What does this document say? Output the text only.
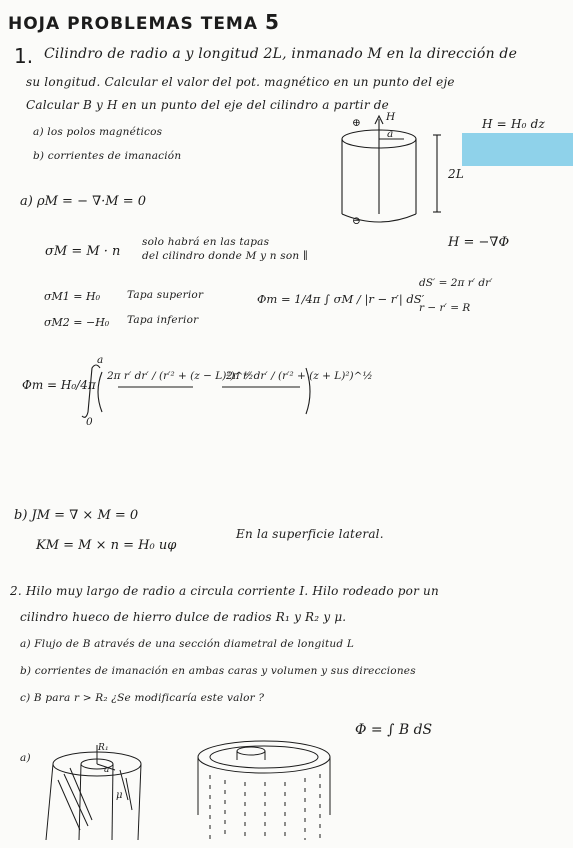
HOJA PROBLEMAS TEMA 5
1. Cilindro de radio a y longitud 2L, inmanado M en la dirección de
su longitud. Calcular el valor del pot. magnético en un punto del eje
Calcular B y H en un punto del eje del cilindro a partir de
a) los polos magnéticos
b) corrientes de imanación
H = H₀ dz
⊕
⊖
H
a
2L
a) ρM = − ∇·M = 0
σM = M · n
solo habrá en las tapas
del cilindro donde M y n son ∥
H = −∇Φ
σM1 = H₀	Tapa superior
σM2 = −H₀ Tapa inferior
Φm = 1/4π ∫ σM / |r − r′| dS′
dS′ = 2π r′ dr′
r − r′ = R
Φm = H₀/4π
2π r′ dr′ / (r′² + (z − L)²)^½
2π r′ dr′ / (r′² + (z + L)²)^½
a
0
b) JM = ∇ × M = 0
KM = M × n = H₀ uφ
En la superficie lateral.
2. Hilo muy largo de radio a circula corriente I. Hilo rodeado por un
cilindro hueco de hierro dulce de radios R₁ y R₂ y μ.
a) Flujo de B através de una sección diametral de longitud L
b) corrientes de imanación en ambas caras y volumen y sus direcciones
c) B para r > R₂ ¿Se modificaría este valor ?
Φ = ∫ B dS
a)
R₁
a
μ
